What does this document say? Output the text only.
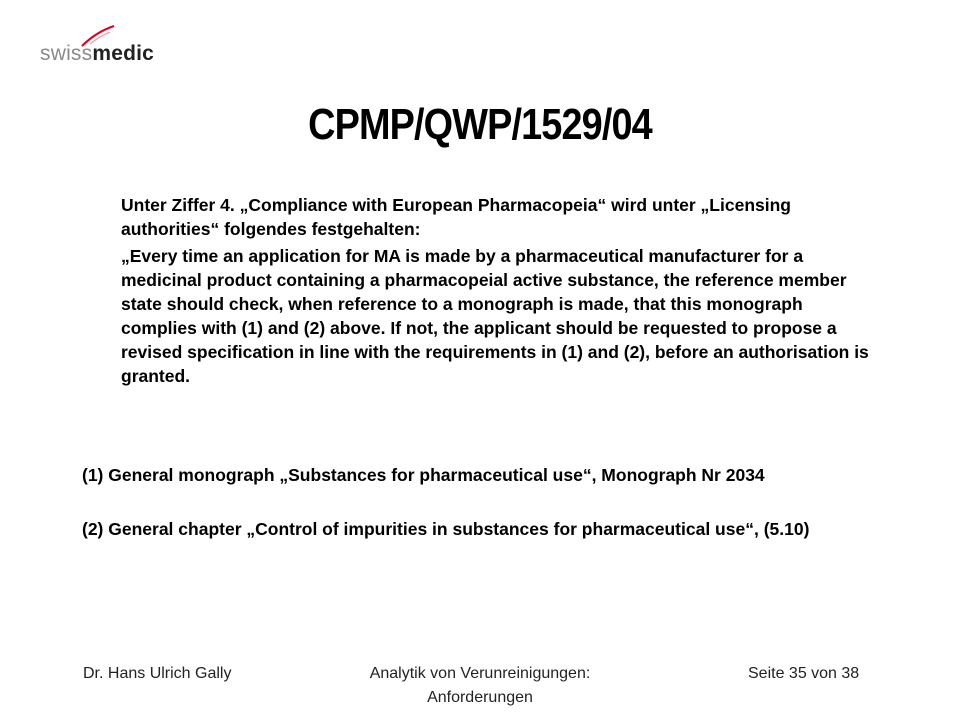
swissmedic
CPMP/QWP/1529/04

Unter Ziffer 4. „Compliance with European Pharmacopeia“ wird unter „Licensing authorities“ folgendes festgehalten:

„Every time an application for MA is made by a pharmaceutical manufacturer for a medicinal product containing a pharmacopeial active substance, the reference member state should check, when reference to a monograph is made, that this monograph complies with (1) and (2) above. If not, the applicant should be requested to propose a revised specification in line with the requirements in (1) and (2), before an authorisation is granted.

(1) General monograph „Substances for pharmaceutical use“, Monograph Nr 2034

(2) General chapter „Control of impurities in substances for pharmaceutical use“, (5.10)

Dr. Hans Ulrich Gally	Analytik von Verunreinigungen: Anforderungen
Seite 35 von 38
